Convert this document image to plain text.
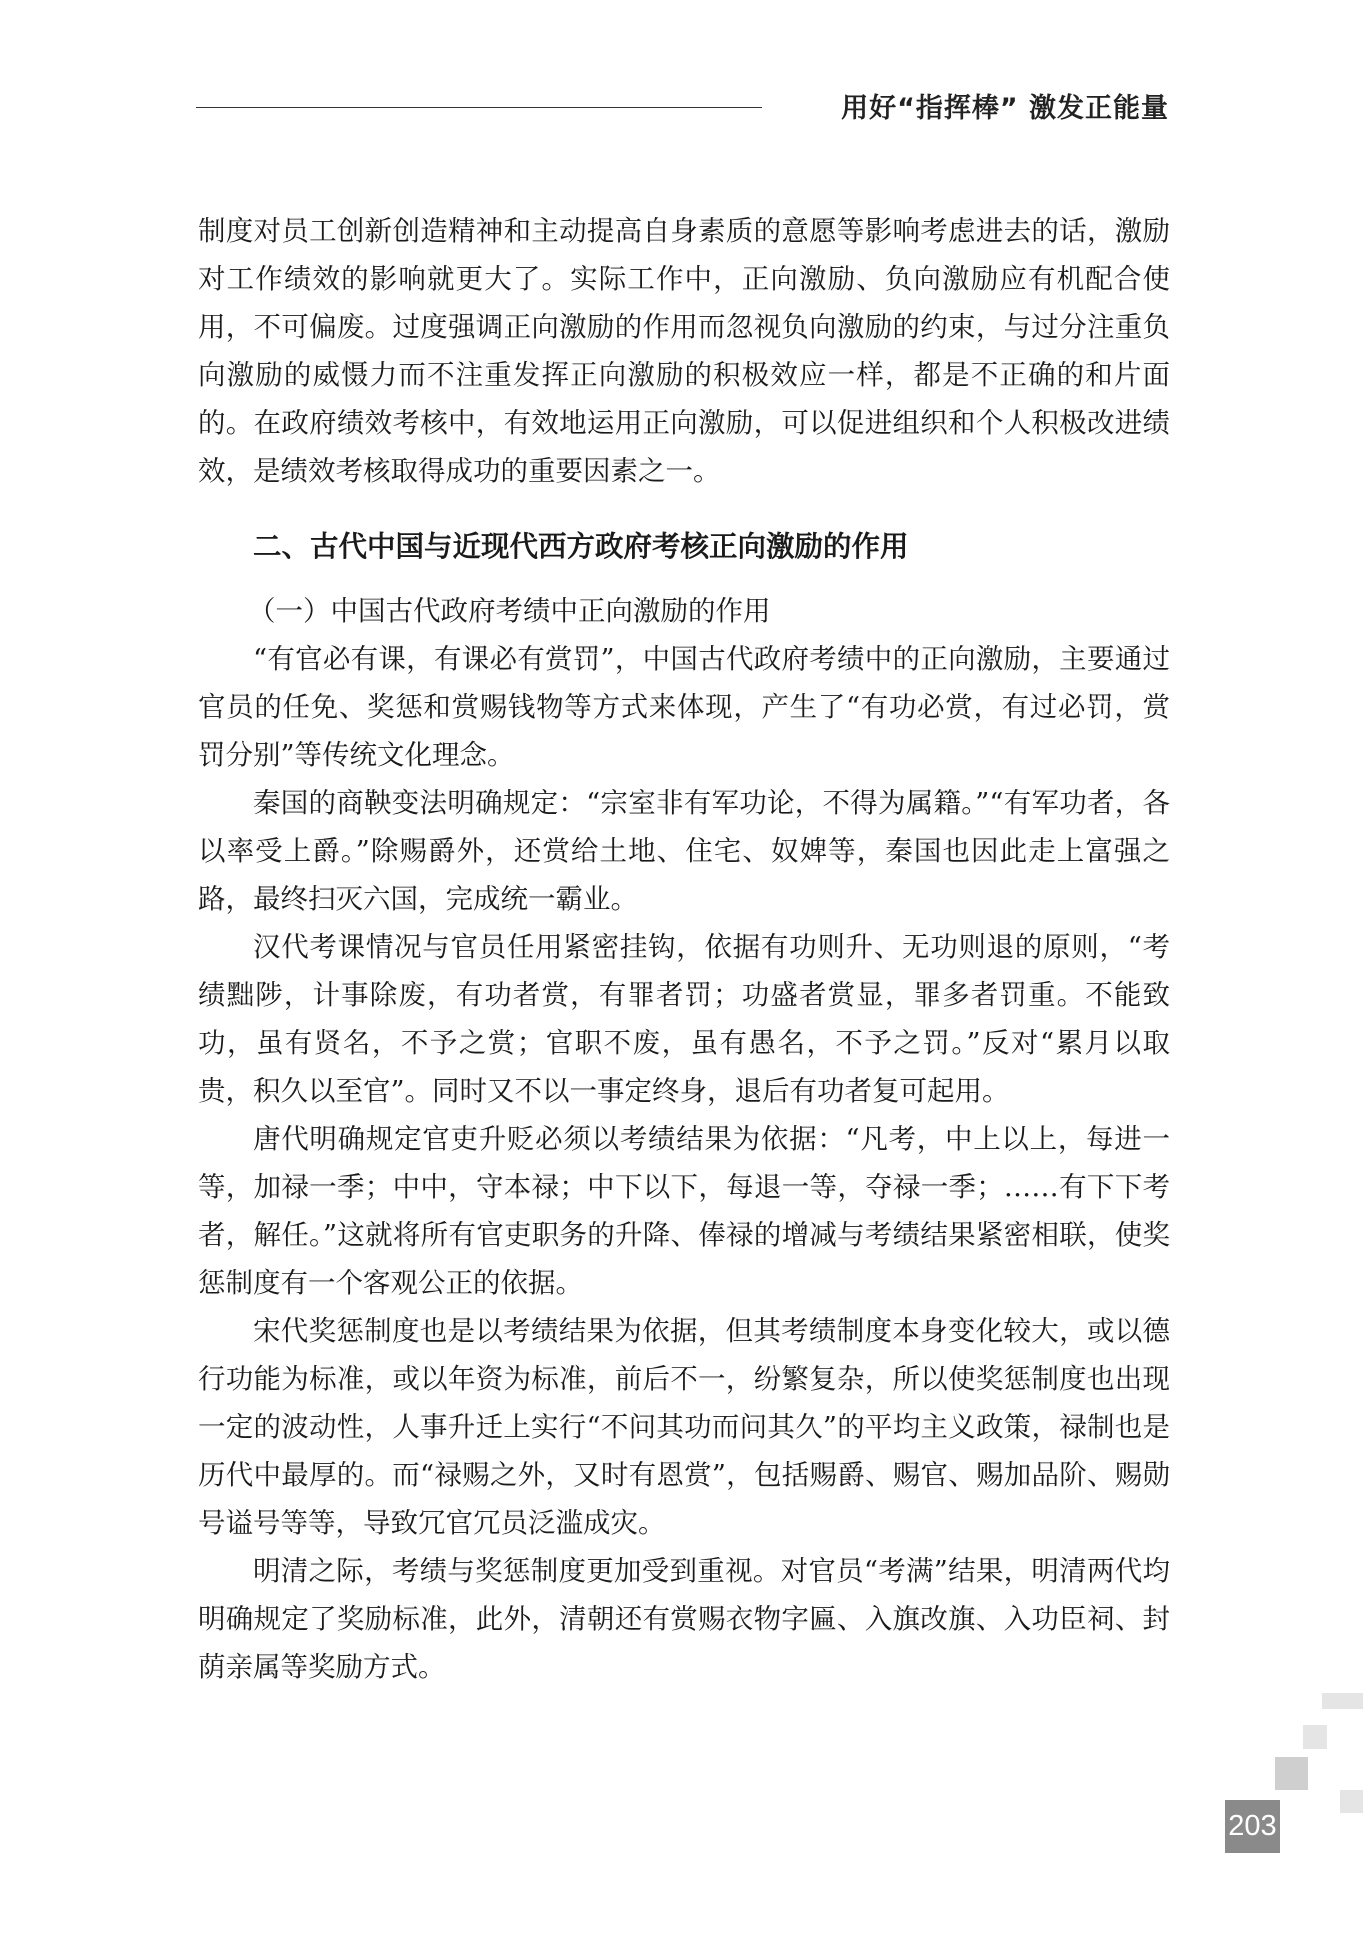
用好“指挥棒” 激发正能量

制度对员工创新创造精神和主动提高自身素质的意愿等影响考虑进去的话，激励对工作绩效的影响就更大了。实际工作中，正向激励、负向激励应有机配合使用，不可偏废。过度强调正向激励的作用而忽视负向激励的约束，与过分注重负向激励的威慑力而不注重发挥正向激励的积极效应一样，都是不正确的和片面的。在政府绩效考核中，有效地运用正向激励，可以促进组织和个人积极改进绩效，是绩效考核取得成功的重要因素之一。

二、古代中国与近现代西方政府考核正向激励的作用
（一）中国古代政府考绩中正向激励的作用

“有官必有课，有课必有赏罚”，中国古代政府考绩中的正向激励，主要通过官员的任免、奖惩和赏赐钱物等方式来体现，产生了“有功必赏，有过必罚，赏罚分别”等传统文化理念。

秦国的商鞅变法明确规定：“宗室非有军功论，不得为属籍。”“有军功者，各以率受上爵。”除赐爵外，还赏给土地、住宅、奴婢等，秦国也因此走上富强之路，最终扫灭六国，完成统一霸业。

汉代考课情况与官员任用紧密挂钩，依据有功则升、无功则退的原则，“考绩黜陟，计事除废，有功者赏，有罪者罚；功盛者赏显，罪多者罚重。不能致功，虽有贤名，不予之赏；官职不废，虽有愚名，不予之罚。”反对“累月以取贵，积久以至官”。同时又不以一事定终身，退后有功者复可起用。

唐代明确规定官吏升贬必须以考绩结果为依据：“凡考，中上以上，每进一等，加禄一季；中中，守本禄；中下以下，每退一等，夺禄一季；……有下下考者，解任。”这就将所有官吏职务的升降、俸禄的增减与考绩结果紧密相联，使奖惩制度有一个客观公正的依据。

宋代奖惩制度也是以考绩结果为依据，但其考绩制度本身变化较大，或以德行功能为标准，或以年资为标准，前后不一，纷繁复杂，所以使奖惩制度也出现一定的波动性，人事升迁上实行“不问其功而问其久”的平均主义政策，禄制也是历代中最厚的。而“禄赐之外，又时有恩赏”，包括赐爵、赐官、赐加品阶、赐勋号谥号等等，导致冗官冗员泛滥成灾。

明清之际，考绩与奖惩制度更加受到重视。对官员“考满”结果，明清两代均明确规定了奖励标准，此外，清朝还有赏赐衣物字匾、入旗改旗、入功臣祠、封荫亲属等奖励方式。

203
